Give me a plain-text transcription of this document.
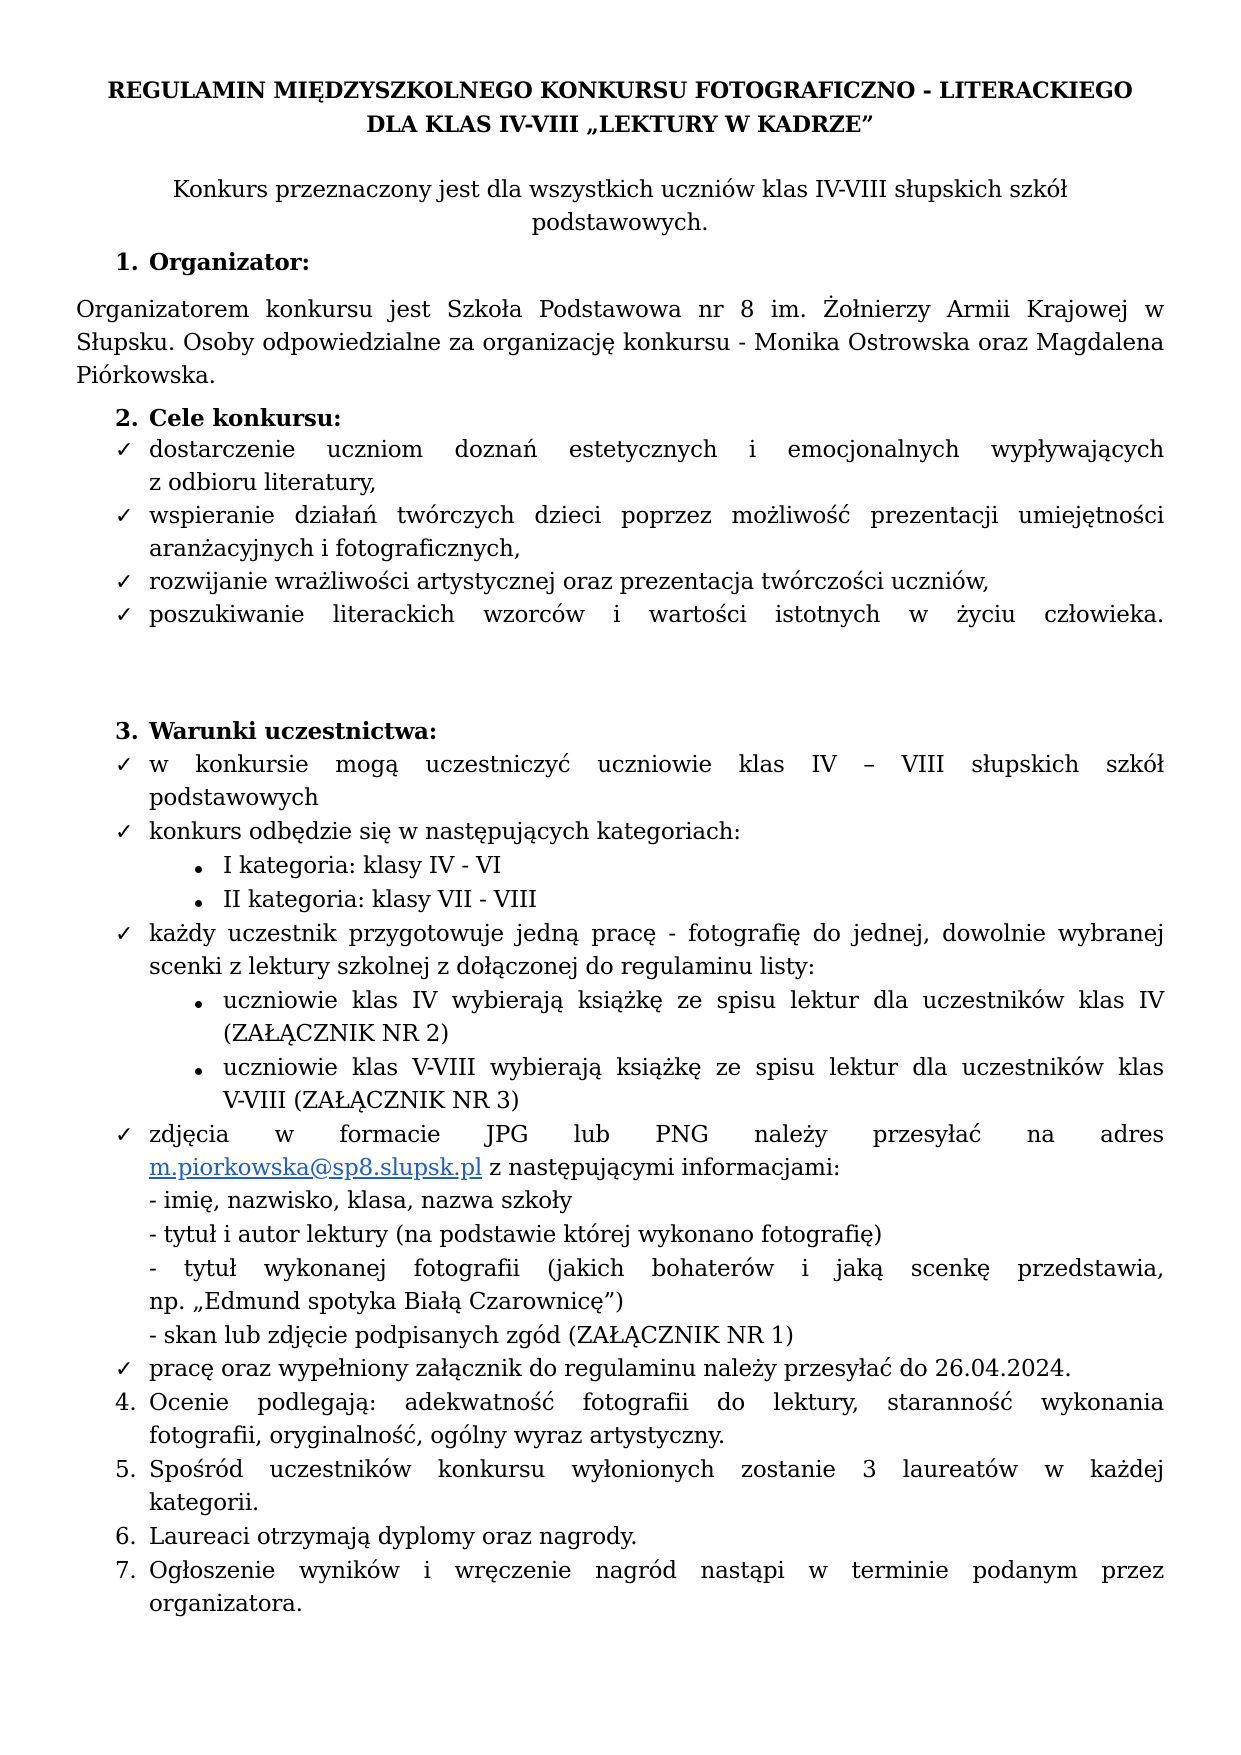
REGULAMIN MIĘDZYSZKOLNEGO KONKURSU FOTOGRAFICZNO - LITERACKIEGO
DLA KLAS IV-VIII „LEKTURY W KADRZE”
Konkurs przeznaczony jest dla wszystkich uczniów klas IV-VIII słupskich szkół podstawowych.
1. Organizator:
Organizatorem konkursu jest Szkoła Podstawowa nr 8 im. Żołnierzy Armii Krajowej w Słupsku. Osoby odpowiedzialne za organizację konkursu - Monika Ostrowska oraz Magdalena Piórkowska.
2. Cele konkursu:
✓ dostarczenie uczniom doznań estetycznych i emocjonalnych wypływających
z odbioru literatury,
✓ wspieranie działań twórczych dzieci poprzez możliwość prezentacji umiejętności
aranżacyjnych i fotograficznych,
✓ rozwijanie wrażliwości artystycznej oraz prezentacja twórczości uczniów,
✓ poszukiwanie literackich wzorców i wartości istotnych w życiu człowieka.
3. Warunki uczestnictwa:
✓ w konkursie mogą uczestniczyć uczniowie klas IV – VIII słupskich szkół
podstawowych
✓ konkurs odbędzie się w następujących kategoriach:
I kategoria: klasy IV - VI
II kategoria: klasy VII - VIII
✓ każdy uczestnik przygotowuje jedną pracę - fotografię do jednej, dowolnie wybranej
scenki z lektury szkolnej z dołączonej do regulaminu listy:
uczniowie klas IV wybierają książkę ze spisu lektur dla uczestników klas IV
(ZAŁĄCZNIK NR 2)
uczniowie klas V-VIII wybierają książkę ze spisu lektur dla uczestników klas
V-VIII (ZAŁĄCZNIK NR 3)
✓ zdjęcia w formacie JPG lub PNG należy przesyłać na adres
m.piorkowska@sp8.slupsk.pl z następującymi informacjami:
- imię, nazwisko, klasa, nazwa szkoły
- tytuł i autor lektury (na podstawie której wykonano fotografię)
- tytuł wykonanej fotografii (jakich bohaterów i jaką scenkę przedstawia,
np. „Edmund spotyka Białą Czarownicę”)
- skan lub zdjęcie podpisanych zgód (ZAŁĄCZNIK NR 1)
✓ pracę oraz wypełniony załącznik do regulaminu należy przesyłać do 26.04.2024.
4. Ocenie podlegają: adekwatność fotografii do lektury, staranność wykonania
fotografii, oryginalność, ogólny wyraz artystyczny.
5. Spośród uczestników konkursu wyłonionych zostanie 3 laureatów w każdej
kategorii.
6. Laureaci otrzymają dyplomy oraz nagrody.
7. Ogłoszenie wyników i wręczenie nagród nastąpi w terminie podanym przez
organizatora.
